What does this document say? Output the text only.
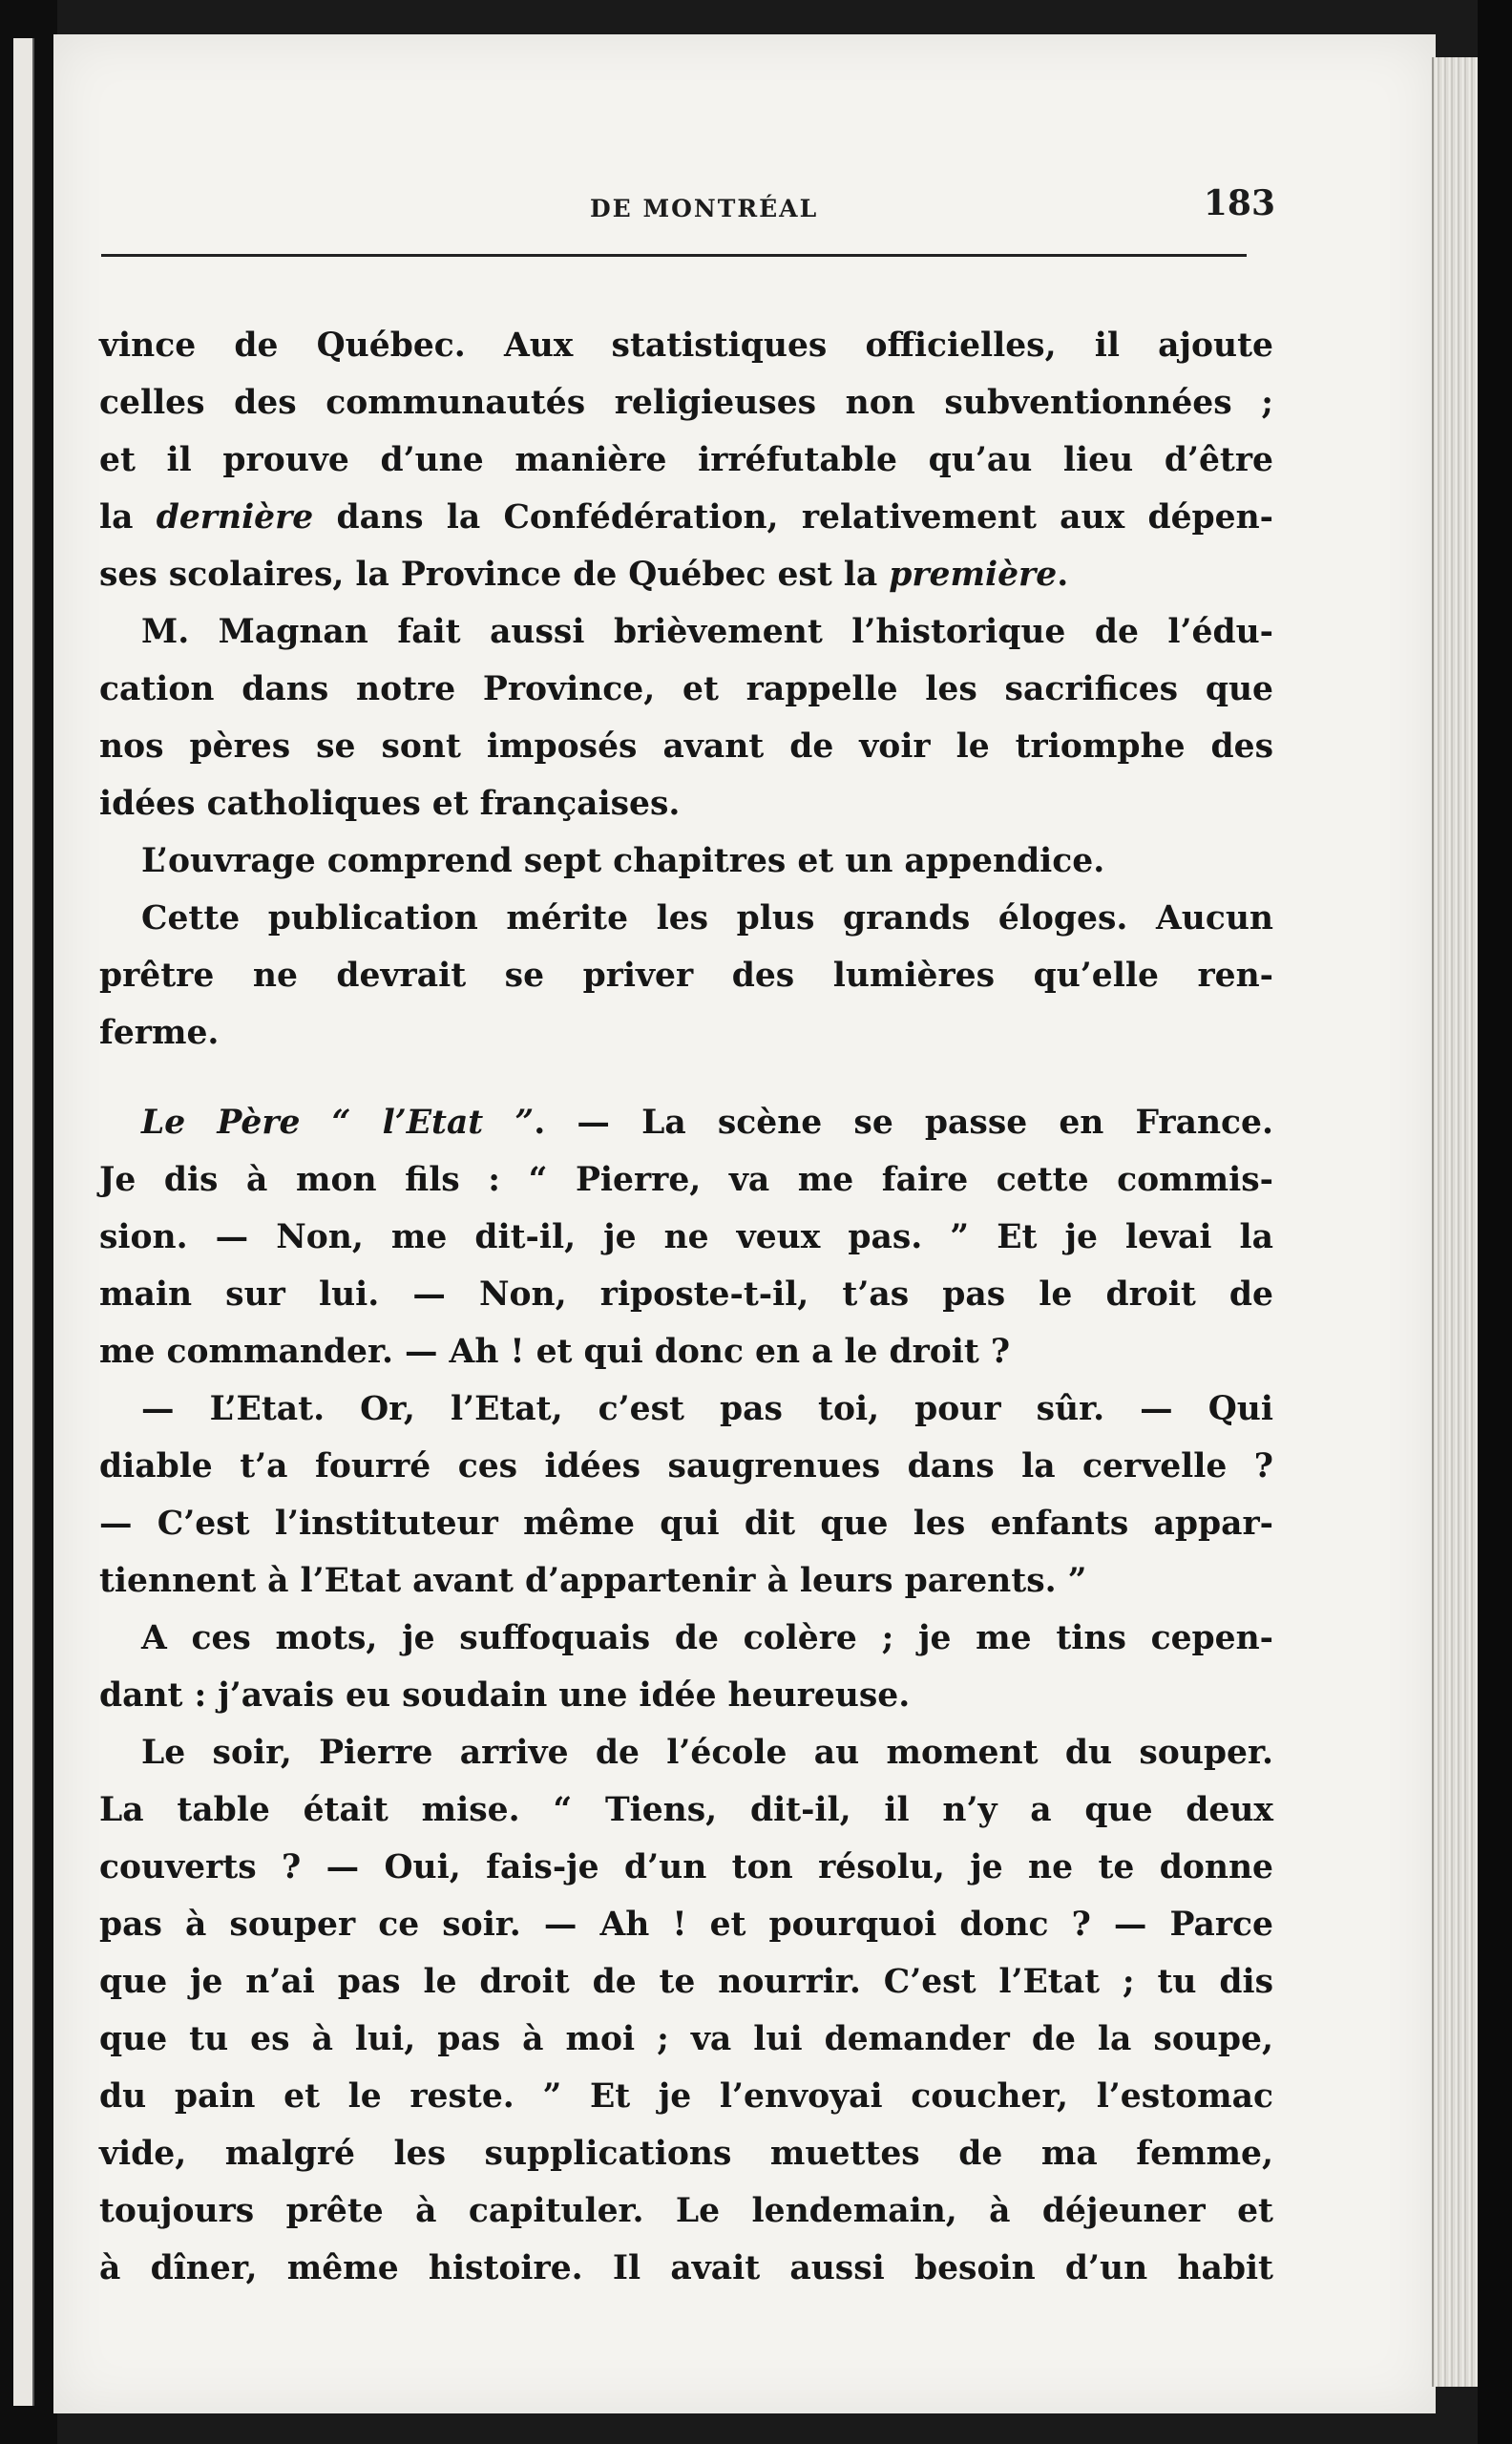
DE MONTRÉAL	183
vince de Québec. Aux statistiques officielles, il ajoute
celles des communautés religieuses non subventionnées ;
et il prouve d’une manière irréfutable qu’au lieu d’être
la dernière dans la Confédération, relativement aux dépen-
ses scolaires, la Province de Québec est la première.
M. Magnan fait aussi brièvement l’historique de l’édu-
cation dans notre Province, et rappelle les sacrifices que
nos pères se sont imposés avant de voir le triomphe des
idées catholiques et françaises.
L’ouvrage comprend sept chapitres et un appendice.
Cette publication mérite les plus grands éloges. Aucun
prêtre ne devrait se priver des lumières qu’elle ren-
ferme.
Le Père “ l’Etat ”. — La scène se passe en France.
Je dis à mon fils : “ Pierre, va me faire cette commis-
sion. — Non, me dit-il, je ne veux pas. ” Et je levai la
main sur lui. — Non, riposte-t-il, t’as pas le droit de
me commander. — Ah ! et qui donc en a le droit ?
— L’Etat. Or, l’Etat, c’est pas toi, pour sûr. — Qui
diable t’a fourré ces idées saugrenues dans la cervelle ?
— C’est l’instituteur même qui dit que les enfants appar-
tiennent à l’Etat avant d’appartenir à leurs parents. ”
A ces mots, je suffoquais de colère ; je me tins cepen-
dant : j’avais eu soudain une idée heureuse.
Le soir, Pierre arrive de l’école au moment du souper.
La table était mise. “ Tiens, dit-il, il n’y a que deux
couverts ? — Oui, fais-je d’un ton résolu, je ne te donne
pas à souper ce soir. — Ah ! et pourquoi donc ? — Parce
que je n’ai pas le droit de te nourrir. C’est l’Etat ; tu dis
que tu es à lui, pas à moi ; va lui demander de la soupe,
du pain et le reste. ” Et je l’envoyai coucher, l’estomac
vide, malgré les supplications muettes de ma femme,
toujours prête à capituler. Le lendemain, à déjeuner et
à dîner, même histoire. Il avait aussi besoin d’un habit
